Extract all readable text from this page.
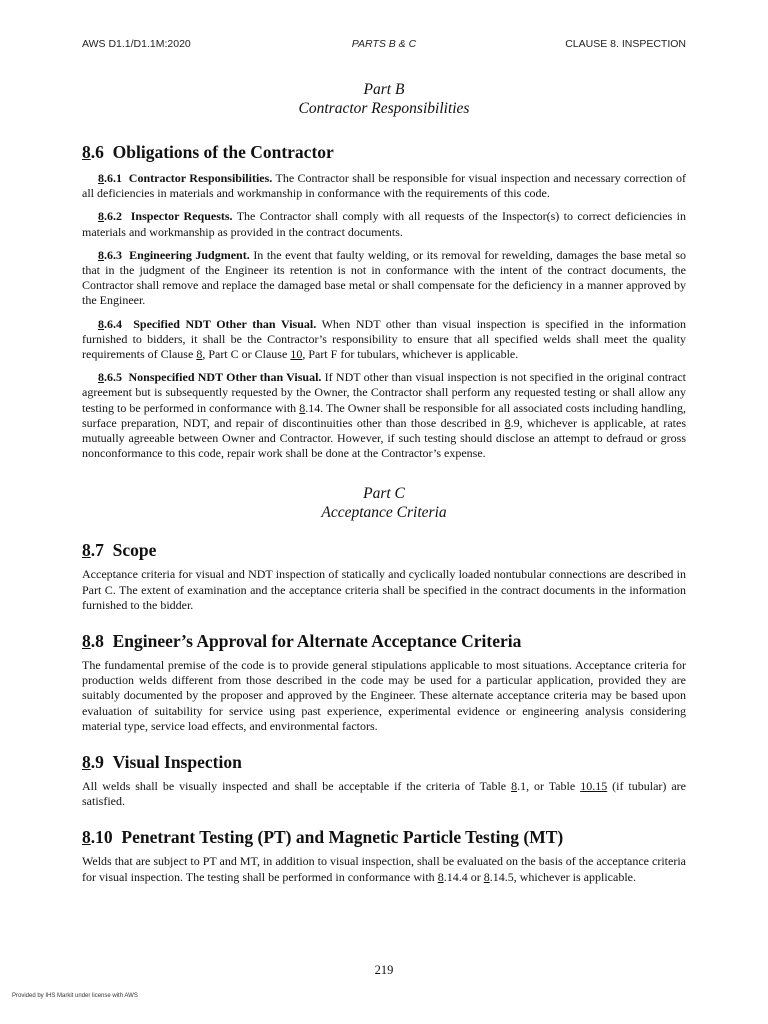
AWS D1.1/D1.1M:2020	PARTS B & C	CLAUSE 8. INSPECTION
Part B
Contractor Responsibilities
8.6 Obligations of the Contractor

8.6.1 Contractor Responsibilities. The Contractor shall be responsible for visual inspection and necessary correction of all deficiencies in materials and workmanship in conformance with the requirements of this code.

8.6.2 Inspector Requests. The Contractor shall comply with all requests of the Inspector(s) to correct deficiencies in materials and workmanship as provided in the contract documents.

8.6.3 Engineering Judgment. In the event that faulty welding, or its removal for rewelding, damages the base metal so that in the judgment of the Engineer its retention is not in conformance with the intent of the contract documents, the Contractor shall remove and replace the damaged base metal or shall compensate for the deficiency in a manner approved by the Engineer.

8.6.4 Specified NDT Other than Visual. When NDT other than visual inspection is specified in the information furnished to bidders, it shall be the Contractor’s responsibility to ensure that all specified welds shall meet the quality requirements of Clause 8, Part C or Clause 10, Part F for tubulars, whichever is applicable.

8.6.5 Nonspecified NDT Other than Visual. If NDT other than visual inspection is not specified in the original contract agreement but is subsequently requested by the Owner, the Contractor shall perform any requested testing or shall allow any testing to be performed in conformance with 8.14. The Owner shall be responsible for all associated costs including handling, surface preparation, NDT, and repair of discontinuities other than those described in 8.9, whichever is applicable, at rates mutually agreeable between Owner and Contractor. However, if such testing should disclose an attempt to defraud or gross nonconformance to this code, repair work shall be done at the Contractor’s expense.

Part C
Acceptance Criteria
8.7 Scope

Acceptance criteria for visual and NDT inspection of statically and cyclically loaded nontubular connections are described in Part C. The extent of examination and the acceptance criteria shall be specified in the contract documents in the information furnished to the bidder.

8.8 Engineer’s Approval for Alternate Acceptance Criteria

The fundamental premise of the code is to provide general stipulations applicable to most situations. Acceptance criteria for production welds different from those described in the code may be used for a particular application, provided they are suitably documented by the proposer and approved by the Engineer. These alternate acceptance criteria may be based upon evaluation of suitability for service using past experience, experimental evidence or engineering analysis considering material type, service load effects, and environmental factors.

8.9 Visual Inspection

All welds shall be visually inspected and shall be acceptable if the criteria of Table 8.1, or Table 10.15 (if tubular) are satisfied.

8.10 Penetrant Testing (PT) and Magnetic Particle Testing (MT)

Welds that are subject to PT and MT, in addition to visual inspection, shall be evaluated on the basis of the acceptance criteria for visual inspection. The testing shall be performed in conformance with 8.14.4 or 8.14.5, whichever is applicable.

219
Provided by IHS Markit under license with AWS
